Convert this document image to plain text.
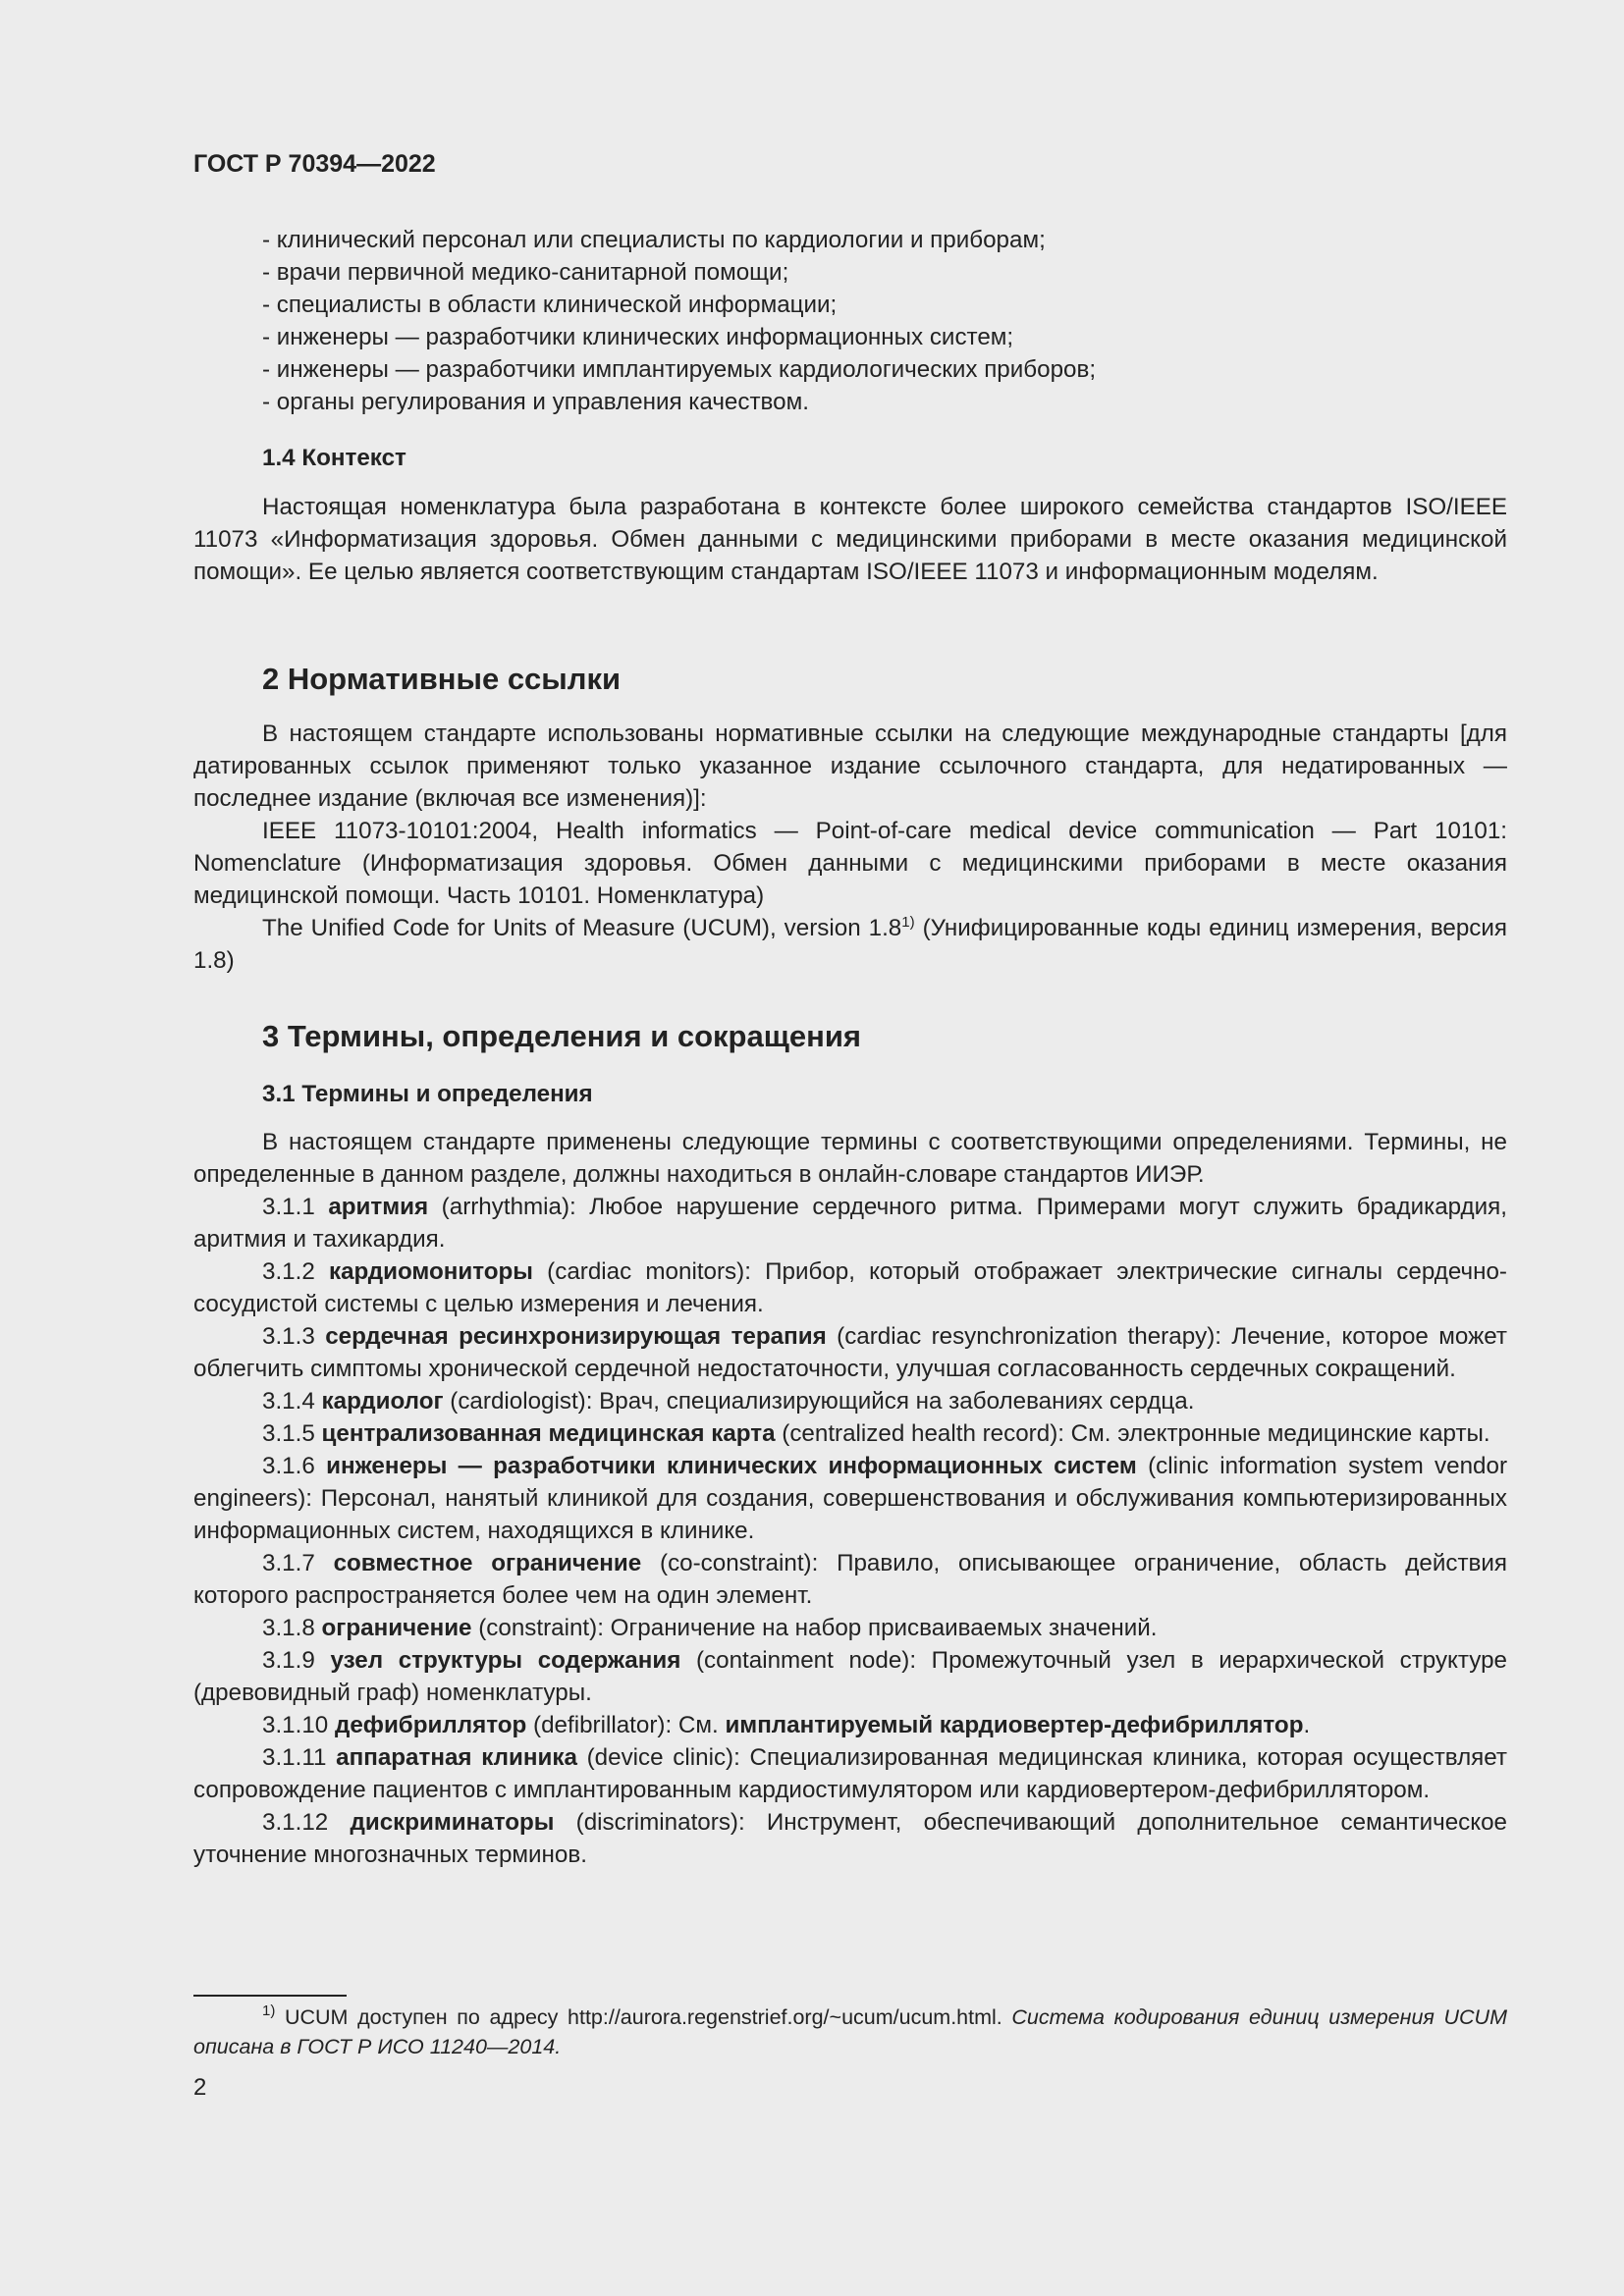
ГОСТ Р 70394—2022

- клинический персонал или специалисты по кардиологии и приборам;

- врачи первичной медико-санитарной помощи;

- специалисты в области клинической информации;

- инженеры — разработчики клинических информационных систем;

- инженеры — разработчики имплантируемых кардиологических приборов;

- органы регулирования и управления качеством.

1.4 Контекст

Настоящая номенклатура была разработана в контексте более широкого семейства стандартов ISO/IEEE 11073 «Информатизация здоровья. Обмен данными с медицинскими приборами в месте оказания медицинской помощи». Ее целью является соответствующим стандартам ISO/IEEE 11073 и информационным моделям.

2 Нормативные ссылки

В настоящем стандарте использованы нормативные ссылки на следующие международные стандарты [для датированных ссылок применяют только указанное издание ссылочного стандарта, для недатированных — последнее издание (включая все изменения)]:

IEEE 11073-10101:2004, Health informatics — Point-of-care medical device communication — Part 10101: Nomenclature (Информатизация здоровья. Обмен данными с медицинскими приборами в месте оказания медицинской помощи. Часть 10101. Номенклатура)

The Unified Code for Units of Measure (UCUM), version 1.8$^{1)}$ (Унифицированные коды единиц измерения, версия 1.8)

3 Термины, определения и сокращения
3.1 Термины и определения

В настоящем стандарте применены следующие термины с соответствующими определениями. Термины, не определенные в данном разделе, должны находиться в онлайн-словаре стандартов ИИЭР.

3.1.1 аритмия (arrhythmia): Любое нарушение сердечного ритма. Примерами могут служить брадикардия, аритмия и тахикардия.

3.1.2 кардиомониторы (cardiac monitors): Прибор, который отображает электрические сигналы сердечно-сосудистой системы с целью измерения и лечения.

3.1.3 сердечная ресинхронизирующая терапия (cardiac resynchronization therapy): Лечение, которое может облегчить симптомы хронической сердечной недостаточности, улучшая согласованность сердечных сокращений.

3.1.4 кардиолог (cardiologist): Врач, специализирующийся на заболеваниях сердца.

3.1.5 централизованная медицинская карта (centralized health record): См. электронные медицинские карты.

3.1.6 инженеры — разработчики клинических информационных систем (clinic information system vendor engineers): Персонал, нанятый клиникой для создания, совершенствования и обслуживания компьютеризированных информационных систем, находящихся в клинике.

3.1.7 совместное ограничение (co-constraint): Правило, описывающее ограничение, область действия которого распространяется более чем на один элемент.

3.1.8 ограничение (constraint): Ограничение на набор присваиваемых значений.

3.1.9 узел структуры содержания (containment node): Промежуточный узел в иерархической структуре (древовидный граф) номенклатуры.

3.1.10 дефибриллятор (defibrillator): См. имплантируемый кардиовертер-дефибриллятор.

3.1.11 аппаратная клиника (device clinic): Специализированная медицинская клиника, которая осуществляет сопровождение пациентов с имплантированным кардиостимулятором или кардиовертером-дефибриллятором.

3.1.12 дискриминаторы (discriminators): Инструмент, обеспечивающий дополнительное семантическое уточнение многозначных терминов.

$^{1)}$ UCUM доступен по адресу http://aurora.regenstrief.org/~ucum/ucum.html. Система кодирования единиц измерения UCUM описана в ГОСТ Р ИСО 11240—2014.

2
